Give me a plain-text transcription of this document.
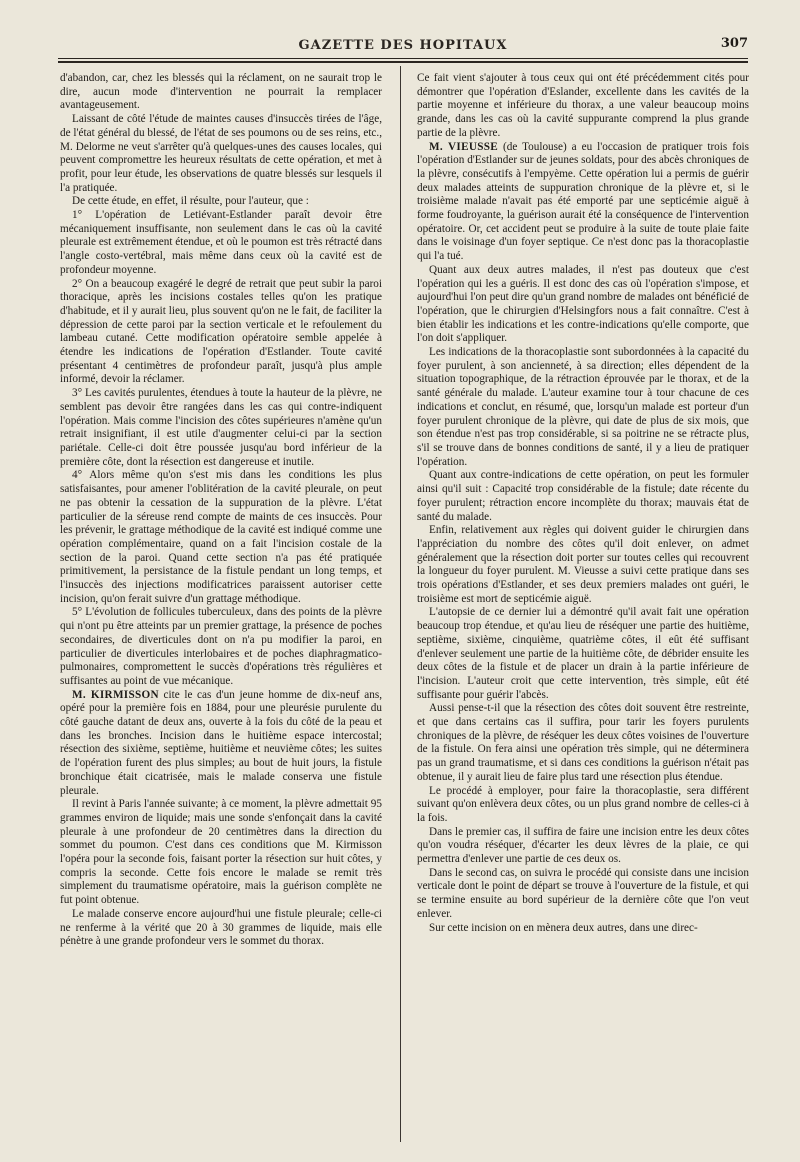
GAZETTE DES HOPITAUX	307

d'abandon, car, chez les blessés qui la réclament, on ne saurait trop le dire, aucun mode d'intervention ne pourrait la remplacer avantageusement.

Laissant de côté l'étude de maintes causes d'insuccès tirées de l'âge, de l'état général du blessé, de l'état de ses poumons ou de ses reins, etc., M. Delorme ne veut s'arrêter qu'à quelques-unes des causes locales, qui peuvent compromettre les heureux résultats de cette opération, et met à profit, pour leur étude, les observations de quatre blessés sur lesquels il l'a pratiquée.

De cette étude, en effet, il résulte, pour l'auteur, que :

1° L'opération de Letiévant-Estlander paraît devoir être mécaniquement insuffisante, non seulement dans le cas où la cavité pleurale est extrêmement étendue, et où le poumon est très rétracté dans l'angle costo-vertébral, mais même dans ceux où la cavité est de profondeur moyenne.

2° On a beaucoup exagéré le degré de retrait que peut subir la paroi thoracique, après les incisions costales telles qu'on les pratique d'habitude, et il y aurait lieu, plus souvent qu'on ne le fait, de faciliter la dépression de cette paroi par la section verticale et le refoulement du lambeau cutané. Cette modification opératoire semble appelée à étendre les indications de l'opération d'Estlander. Toute cavité présentant 4 centimètres de profondeur paraît, jusqu'à plus ample informé, devoir la réclamer.

3° Les cavités purulentes, étendues à toute la hauteur de la plèvre, ne semblent pas devoir être rangées dans les cas qui contre-indiquent l'opération. Mais comme l'incision des côtes supérieures n'amène qu'un retrait insignifiant, il est utile d'augmenter celui-ci par la section pariétale. Celle-ci doit être poussée jusqu'au bord inférieur de la première côte, dont la résection est dangereuse et inutile.

4° Alors même qu'on s'est mis dans les conditions les plus satisfaisantes, pour amener l'oblitération de la cavité pleurale, on peut ne pas obtenir la cessation de la suppuration de la plèvre. L'état particulier de la séreuse rend compte de maints de ces insuccès. Pour les prévenir, le grattage méthodique de la cavité est indiqué comme une opération complémentaire, quand on a fait l'incision costale de la section de la paroi. Quand cette section n'a pas été pratiquée primitivement, la persistance de la fistule pendant un long temps, et l'insuccès des injections modificatrices paraissent autoriser cette incision, qu'on ferait suivre d'un grattage méthodique.

5° L'évolution de follicules tuberculeux, dans des points de la plèvre qui n'ont pu être atteints par un premier grattage, la présence de poches secondaires, de diverticules dont on n'a pu modifier la paroi, en particulier de diverticules interlobaires et de poches diaphragmatico-pulmonaires, compromettent le succès d'opérations très régulières et suffisantes au point de vue mécanique.

M. KIRMISSON cite le cas d'un jeune homme de dix-neuf ans, opéré pour la première fois en 1884, pour une pleurésie purulente du côté gauche datant de deux ans, ouverte à la fois du côté de la peau et dans les bronches. Incision dans le huitième espace intercostal; résection des sixième, septième, huitième et neuvième côtes; les suites de l'opération furent des plus simples; au bout de huit jours, la fistule bronchique était cicatrisée, mais le malade conserva une fistule pleurale.

Il revint à Paris l'année suivante; à ce moment, la plèvre admettait 95 grammes environ de liquide; mais une sonde s'enfonçait dans la cavité pleurale à une profondeur de 20 centimètres dans la direction du sommet du poumon. C'est dans ces conditions que M. Kirmisson l'opéra pour la seconde fois, faisant porter la résection sur huit côtes, y compris la seconde. Cette fois encore le malade se remit très simplement du traumatisme opératoire, mais la guérison complète ne fut point obtenue.

Le malade conserve encore aujourd'hui une fistule pleurale; celle-ci ne renferme à la vérité que 20 à 30 grammes de liquide, mais elle pénètre à une grande profondeur vers le sommet du thorax.

Ce fait vient s'ajouter à tous ceux qui ont été précédemment cités pour démontrer que l'opération d'Eslander, excellente dans les cavités de la partie moyenne et inférieure du thorax, a une valeur beaucoup moins grande, dans les cas où la cavité suppurante comprend la plus grande partie de la plèvre.

M. VIEUSSE (de Toulouse) a eu l'occasion de pratiquer trois fois l'opération d'Estlander sur de jeunes soldats, pour des abcès chroniques de la plèvre, consécutifs à l'empyème. Cette opération lui a permis de guérir deux malades atteints de suppuration chronique de la plèvre et, si le troisième malade n'avait pas été emporté par une septicémie aiguë à forme foudroyante, la guérison aurait été la conséquence de l'intervention opératoire. Or, cet accident peut se produire à la suite de toute plaie faite dans le voisinage d'un foyer septique. Ce n'est donc pas la thoracoplastie qui l'a tué.

Quant aux deux autres malades, il n'est pas douteux que c'est l'opération qui les a guéris. Il est donc des cas où l'opération s'impose, et aujourd'hui l'on peut dire qu'un grand nombre de malades ont bénéficié de l'opération, que le chirurgien d'Helsingfors nous a fait connaître. C'est à bien établir les indications et les contre-indications qu'elle comporte, que l'on doit s'appliquer.

Les indications de la thoracoplastie sont subordonnées à la capacité du foyer purulent, à son ancienneté, à sa direction; elles dépendent de la situation topographique, de la rétraction éprouvée par le thorax, et de la santé générale du malade. L'auteur examine tour à tour chacune de ces indications et conclut, en résumé, que, lorsqu'un malade est porteur d'un foyer purulent chronique de la plèvre, qui date de plus de six mois, que son étendue n'est pas trop considérable, si sa poitrine ne se rétracte plus, s'il se trouve dans de bonnes conditions de santé, il y a lieu de pratiquer l'opération.

Quant aux contre-indications de cette opération, on peut les formuler ainsi qu'il suit : Capacité trop considérable de la fistule; date récente du foyer purulent; rétraction encore incomplète du thorax; mauvais état de santé du malade.

Enfin, relativement aux règles qui doivent guider le chirurgien dans l'appréciation du nombre des côtes qu'il doit enlever, on admet généralement que la résection doit porter sur toutes celles qui recouvrent la longueur du foyer purulent. M. Vieusse a suivi cette pratique dans ses trois opérations d'Estlander, et ses deux premiers malades ont guéri, le troisième est mort de septicémie aiguë.

L'autopsie de ce dernier lui a démontré qu'il avait fait une opération beaucoup trop étendue, et qu'au lieu de réséquer une partie des huitième, septième, sixième, cinquième, quatrième côtes, il eût été suffisant d'enlever seulement une partie de la huitième côte, de débrider ensuite les deux côtes de la fistule et de placer un drain à la partie inférieure de l'incision. L'auteur croit que cette intervention, très simple, eût été suffisante pour guérir l'abcès.

Aussi pense-t-il que la résection des côtes doit souvent être restreinte, et que dans certains cas il suffira, pour tarir les foyers purulents chroniques de la plèvre, de réséquer les deux côtes voisines de l'ouverture de la fistule. On fera ainsi une opération très simple, qui ne déterminera pas un grand traumatisme, et si dans ces conditions la guérison n'était pas obtenue, il y aurait lieu de faire plus tard une résection plus étendue.

Le procédé à employer, pour faire la thoracoplastie, sera différent suivant qu'on enlèvera deux côtes, ou un plus grand nombre de celles-ci à la fois.

Dans le premier cas, il suffira de faire une incision entre les deux côtes qu'on voudra réséquer, d'écarter les deux lèvres de la plaie, ce qui permettra d'enlever une partie de ces deux os.

Dans le second cas, on suivra le procédé qui consiste dans une incision verticale dont le point de départ se trouve à l'ouverture de la fistule, et qui se termine ensuite au bord supérieur de la dernière côte que l'on veut enlever.

Sur cette incision on en mènera deux autres, dans une direc-
